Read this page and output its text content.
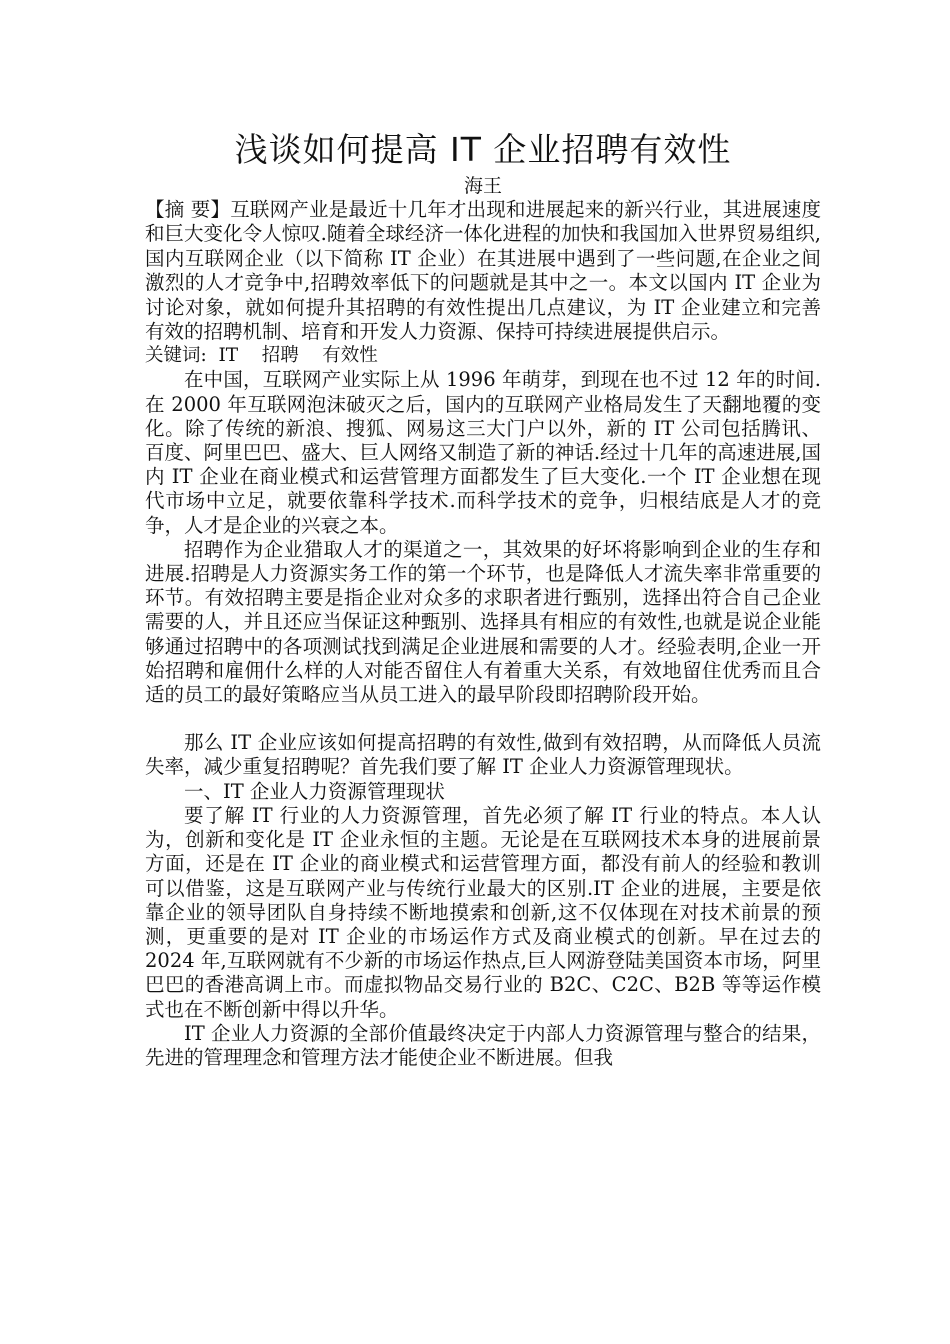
浅谈如何提高 IT 企业招聘有效性

海王

【摘 要】互联网产业是最近十几年才出现和进展起来的新兴行业，其进展速度和巨大变化令人惊叹.随着全球经济一体化进程的加快和我国加入世界贸易组织,国内互联网企业（以下简称 IT 企业）在其进展中遇到了一些问题,在企业之间激烈的人才竞争中,招聘效率低下的问题就是其中之一。本文以国内 IT 企业为讨论对象，就如何提升其招聘的有效性提出几点建议，为 IT 企业建立和完善有效的招聘机制、培育和开发人力资源、保持可持续进展提供启示。

关键词: IT 招聘 有效性

在中国，互联网产业实际上从 1996 年萌芽，到现在也不过 12 年的时间.在 2000 年互联网泡沫破灭之后，国内的互联网产业格局发生了天翻地覆的变化。除了传统的新浪、搜狐、网易这三大门户以外，新的 IT 公司包括腾讯、百度、阿里巴巴、盛大、巨人网络又制造了新的神话.经过十几年的高速进展,国内 IT 企业在商业模式和运营管理方面都发生了巨大变化.一个 IT 企业想在现代市场中立足，就要依靠科学技术.而科学技术的竞争，归根结底是人才的竞争，人才是企业的兴衰之本。

招聘作为企业猎取人才的渠道之一，其效果的好坏将影响到企业的生存和进展.招聘是人力资源实务工作的第一个环节，也是降低人才流失率非常重要的环节。有效招聘主要是指企业对众多的求职者进行甄别，选择出符合自己企业需要的人，并且还应当保证这种甄别、选择具有相应的有效性,也就是说企业能够通过招聘中的各项测试找到满足企业进展和需要的人才。经验表明,企业一开始招聘和雇佣什么样的人对能否留住人有着重大关系，有效地留住优秀而且合适的员工的最好策略应当从员工进入的最早阶段即招聘阶段开始。

那么 IT 企业应该如何提高招聘的有效性,做到有效招聘，从而降低人员流失率，减少重复招聘呢？首先我们要了解 IT 企业人力资源管理现状。

一、IT 企业人力资源管理现状

要了解 IT 行业的人力资源管理，首先必须了解 IT 行业的特点。本人认为，创新和变化是 IT 企业永恒的主题。无论是在互联网技术本身的进展前景方面，还是在 IT 企业的商业模式和运营管理方面，都没有前人的经验和教训可以借鉴，这是互联网产业与传统行业最大的区别.IT 企业的进展，主要是依靠企业的领导团队自身持续不断地摸索和创新,这不仅体现在对技术前景的预测，更重要的是对 IT 企业的市场运作方式及商业模式的创新。早在过去的 2024 年,互联网就有不少新的市场运作热点,巨人网游登陆美国资本市场，阿里巴巴的香港高调上市。而虚拟物品交易行业的 B2C、C2C、B2B 等等运作模式也在不断创新中得以升华。

IT 企业人力资源的全部价值最终决定于内部人力资源管理与整合的结果，先进的管理理念和管理方法才能使企业不断进展。但我
